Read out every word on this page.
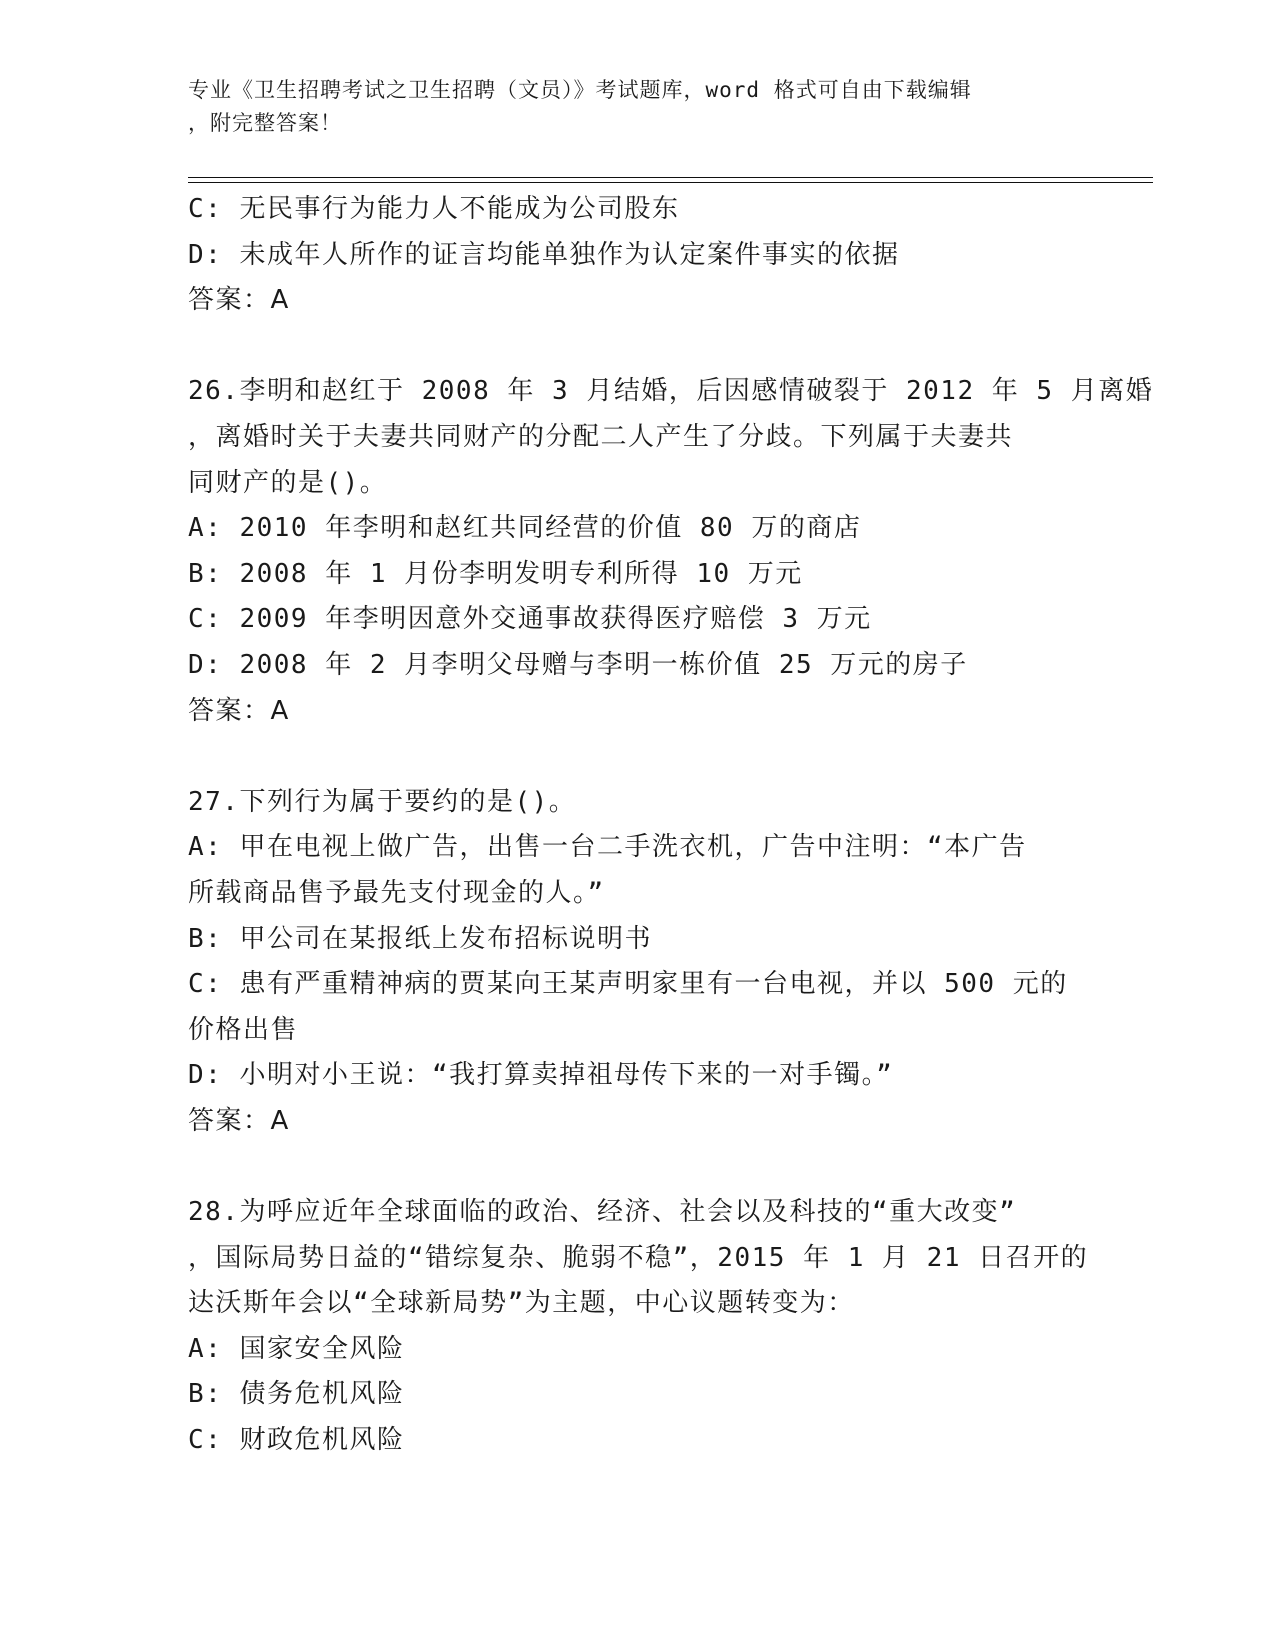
专业《卫生招聘考试之卫生招聘（文员）》考试题库，word 格式可自由下载编辑
，附完整答案！
C: 无民事行为能力人不能成为公司股东
D: 未成年人所作的证言均能单独作为认定案件事实的依据
答案：A
26.李明和赵红于 2008 年 3 月结婚，后因感情破裂于 2012 年 5 月离婚
，离婚时关于夫妻共同财产的分配二人产生了分歧。下列属于夫妻共
同财产的是()。
A: 2010 年李明和赵红共同经营的价值 80 万的商店
B: 2008 年 1 月份李明发明专利所得 10 万元
C: 2009 年李明因意外交通事故获得医疗赔偿 3 万元
D: 2008 年 2 月李明父母赠与李明一栋价值 25 万元的房子
答案：A
27.下列行为属于要约的是()。
A: 甲在电视上做广告，出售一台二手洗衣机，广告中注明：“本广告
所载商品售予最先支付现金的人。”
B: 甲公司在某报纸上发布招标说明书
C: 患有严重精神病的贾某向王某声明家里有一台电视，并以 500 元的
价格出售
D: 小明对小王说：“我打算卖掉祖母传下来的一对手镯。”
答案：A
28.为呼应近年全球面临的政治、经济、社会以及科技的“重大改变”
，国际局势日益的“错综复杂、脆弱不稳”，2015 年 1 月 21 日召开的
达沃斯年会以“全球新局势”为主题，中心议题转变为：
A: 国家安全风险
B: 债务危机风险
C: 财政危机风险
